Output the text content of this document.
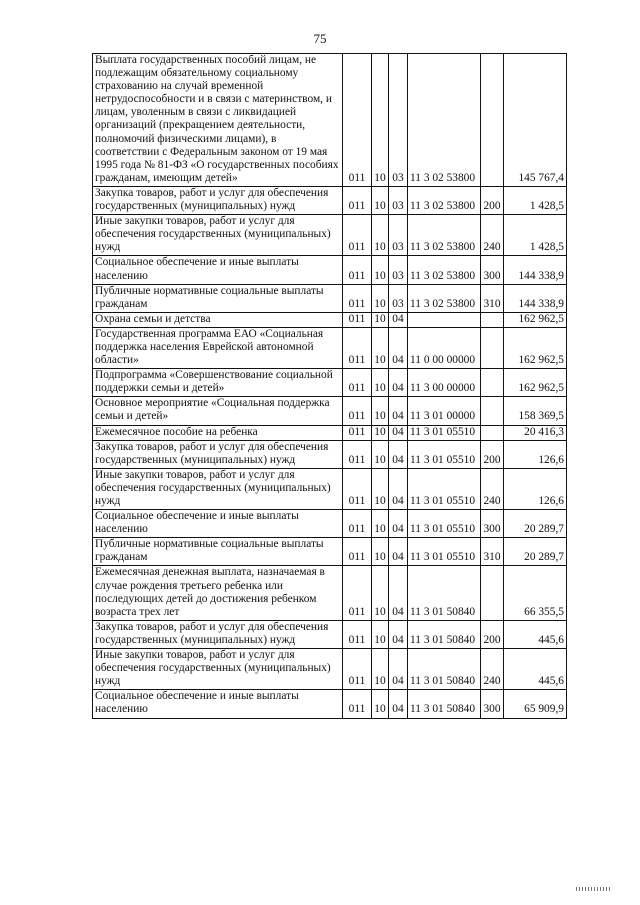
75
Выплата государственных пособий лицам, не подлежащим обязательному социальному страхованию на случай временной нетрудоспособности и в связи с материнством, и лицам, уволенным в связи с ликвидацией организаций (прекращением деятельности, полномочий физическими лицами), в соответствии с Федеральным законом от 19 мая 1995 года № 81-ФЗ «О государственных пособиях гражданам, имеющим детей»	011	10	03	11 3 02 53800		145 767,4
Закупка товаров, работ и услуг для обеспечения государственных (муниципальных) нужд	011	10	03	11 3 02 53800	200	1 428,5
Иные закупки товаров, работ и услуг для обеспечения государственных (муниципальных) нужд	011	10	03	11 3 02 53800	240	1 428,5
Социальное обеспечение и иные выплаты населению	011	10	03	11 3 02 53800	300	144 338,9
Публичные нормативные социальные выплаты гражданам	011	10	03	11 3 02 53800	310	144 338,9
Охрана семьи и детства	011	10	04			162 962,5
Государственная программа ЕАО «Социальная поддержка населения Еврейской автономной области»	011	10	04	11 0 00 00000		162 962,5
Подпрограмма «Совершенствование социальной поддержки семьи и детей»	011	10	04	11 3 00 00000		162 962,5
Основное мероприятие «Социальная поддержка семьи и детей»	011	10	04	11 3 01 00000		158 369,5
Ежемесячное пособие на ребенка	011	10	04	11 3 01 05510		20 416,3
Закупка товаров, работ и услуг для обеспечения государственных (муниципальных) нужд	011	10	04	11 3 01 05510	200	126,6
Иные закупки товаров, работ и услуг для обеспечения государственных (муниципальных) нужд	011	10	04	11 3 01 05510	240	126,6
Социальное обеспечение и иные выплаты населению	011	10	04	11 3 01 05510	300	20 289,7
Публичные нормативные социальные выплаты гражданам	011	10	04	11 3 01 05510	310	20 289,7
Ежемесячная денежная выплата, назначаемая в случае рождения третьего ребенка или последующих детей до достижения ребенком возраста трех лет	011	10	04	11 3 01 50840		66 355,5
Закупка товаров, работ и услуг для обеспечения государственных (муниципальных) нужд	011	10	04	11 3 01 50840	200	445,6
Иные закупки товаров, работ и услуг для обеспечения государственных (муниципальных) нужд	011	10	04	11 3 01 50840	240	445,6
Социальное обеспечение и иные выплаты населению	011	10	04	11 3 01 50840	300	65 909,9
